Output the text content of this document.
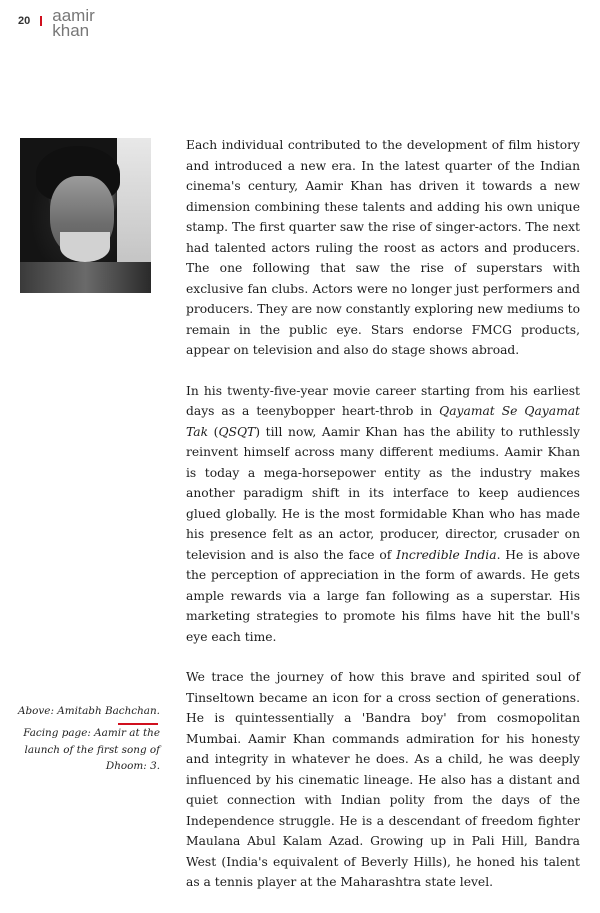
20 aamir
khan

Each individual contributed to the development of film history and introduced a new era. In the latest quarter of the Indian cinema's century, Aamir Khan has driven it towards a new dimension combining these talents and adding his own unique stamp. The first quarter saw the rise of singer-actors. The next had talented actors ruling the roost as actors and producers. The one following that saw the rise of superstars with exclusive fan clubs. Actors were no longer just performers and producers. They are now constantly exploring new mediums to remain in the public eye. Stars endorse FMCG products, appear on television and also do stage shows abroad.

In his twenty-five-year movie career starting from his earliest days as a teenybopper heart-throb in Qayamat Se Qayamat Tak (QSQT) till now, Aamir Khan has the ability to ruthlessly reinvent himself across many different mediums. Aamir Khan is today a mega-horsepower entity as the industry makes another paradigm shift in its interface to keep audiences glued globally. He is the most formidable Khan who has made his presence felt as an actor, producer, director, crusader on television and is also the face of Incredible India. He is above the perception of appreciation in the form of awards. He gets ample rewards via a large fan following as a superstar. His marketing strategies to promote his films have hit the bull's eye each time.

We trace the journey of how this brave and spirited soul of Tinseltown became an icon for a cross section of generations. He is quintessentially a 'Bandra boy' from cosmopolitan Mumbai. Aamir Khan commands admiration for his honesty and integrity in whatever he does. As a child, he was deeply influenced by his cinematic lineage. He also has a distant and quiet connection with Indian polity from the days of the Independence struggle. He is a descendant of freedom fighter Maulana Abul Kalam Azad. Growing up in Pali Hill, Bandra West (India's equivalent of Beverly Hills), he honed his talent as a tennis player at the Maharashtra state level.

Above: Amitabh Bachchan.
Facing page: Aamir at the launch of the first song of Dhoom: 3.
